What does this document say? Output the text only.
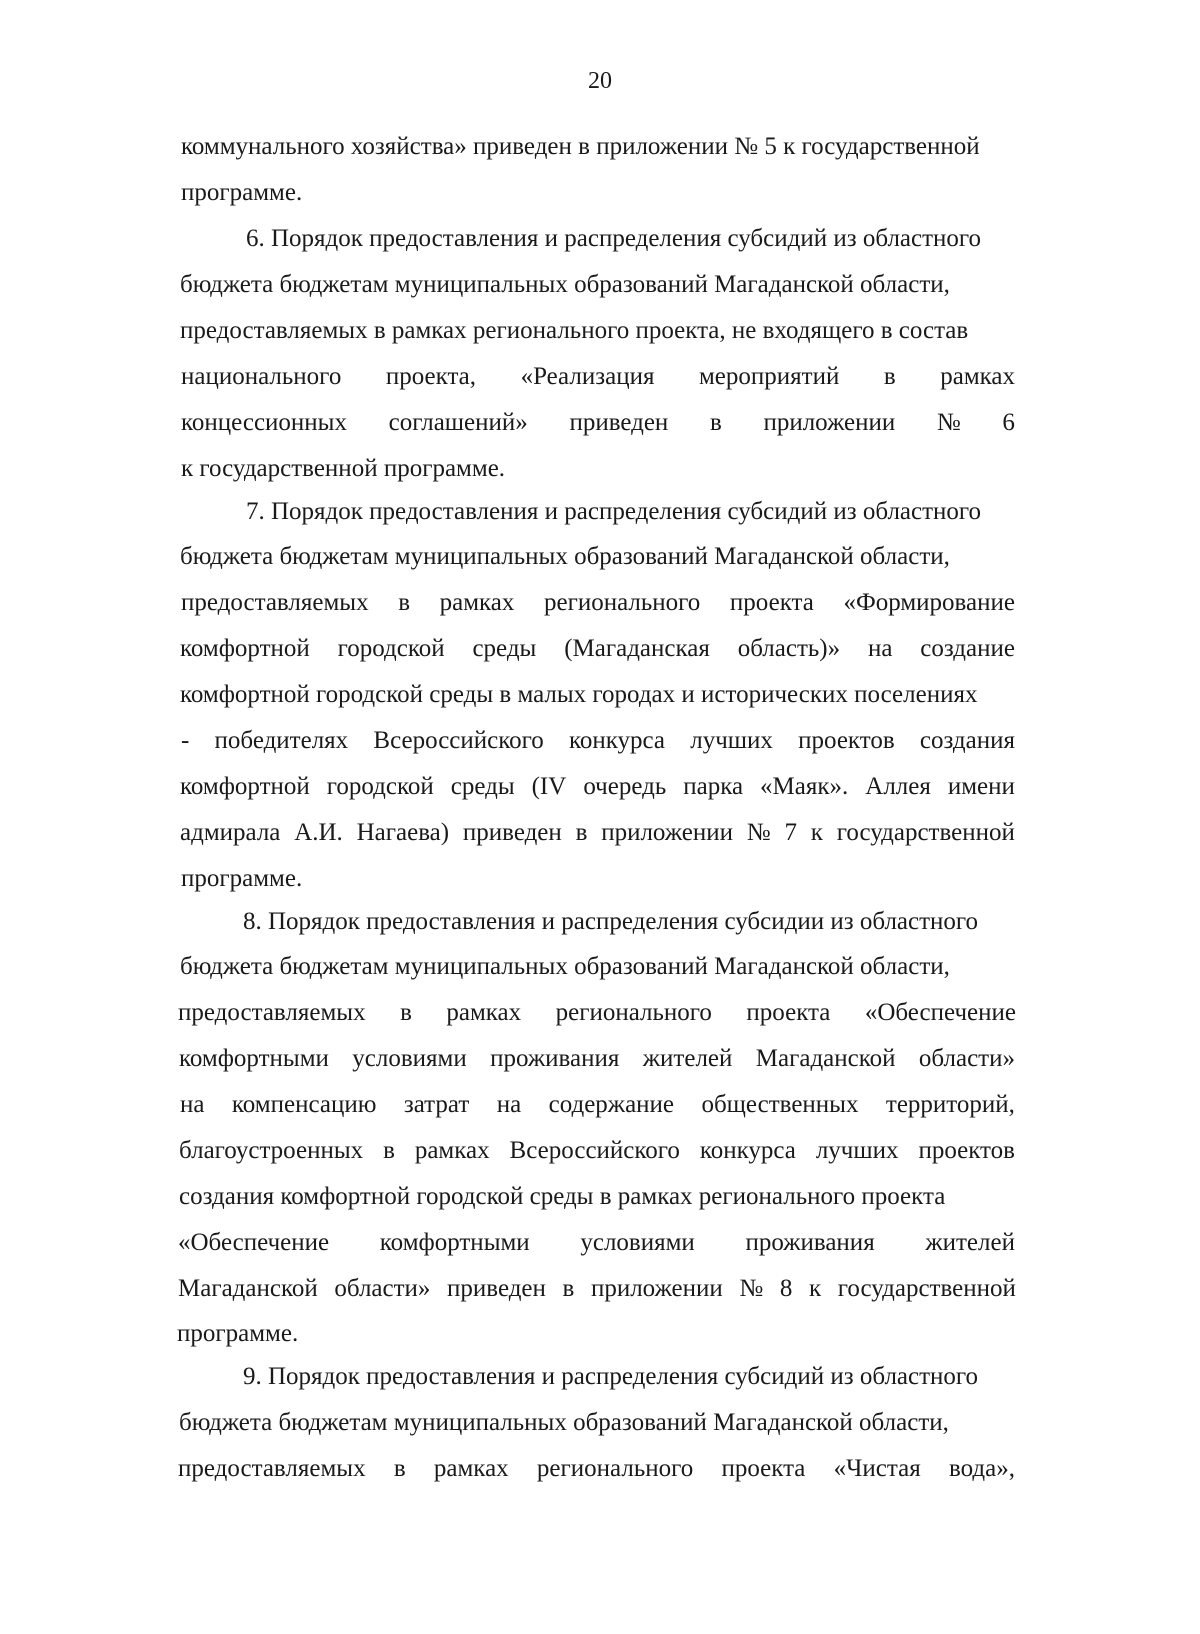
20
коммунального хозяйства» приведен в приложении № 5 к государственной
программе.
6. Порядок предоставления и распределения субсидий из областного
бюджета бюджетам муниципальных образований Магаданской области,
предоставляемых в рамках регионального проекта, не входящего в состав
национального проекта, «Реализация мероприятий в рамках
концессионных соглашений» приведен в приложении № 6
к государственной программе.
7. Порядок предоставления и распределения субсидий из областного
бюджета бюджетам муниципальных образований Магаданской области,
предоставляемых в рамках регионального проекта «Формирование
комфортной городской среды (Магаданская область)» на создание
комфортной городской среды в малых городах и исторических поселениях
- победителях Всероссийского конкурса лучших проектов создания
комфортной городской среды (IV очередь парка «Маяк». Аллея имени
адмирала А.И. Нагаева) приведен в приложении № 7 к государственной
программе.
8. Порядок предоставления и распределения субсидии из областного
бюджета бюджетам муниципальных образований Магаданской области,
предоставляемых в рамках регионального проекта «Обеспечение
комфортными условиями проживания жителей Магаданской области»
на компенсацию затрат на содержание общественных территорий,
благоустроенных в рамках Всероссийского конкурса лучших проектов
создания комфортной городской среды в рамках регионального проекта
«Обеспечение комфортными условиями проживания жителей
Магаданской области» приведен в приложении № 8 к государственной
программе.
9. Порядок предоставления и распределения субсидий из областного
бюджета бюджетам муниципальных образований Магаданской области,
предоставляемых в рамках регионального проекта «Чистая вода»,
